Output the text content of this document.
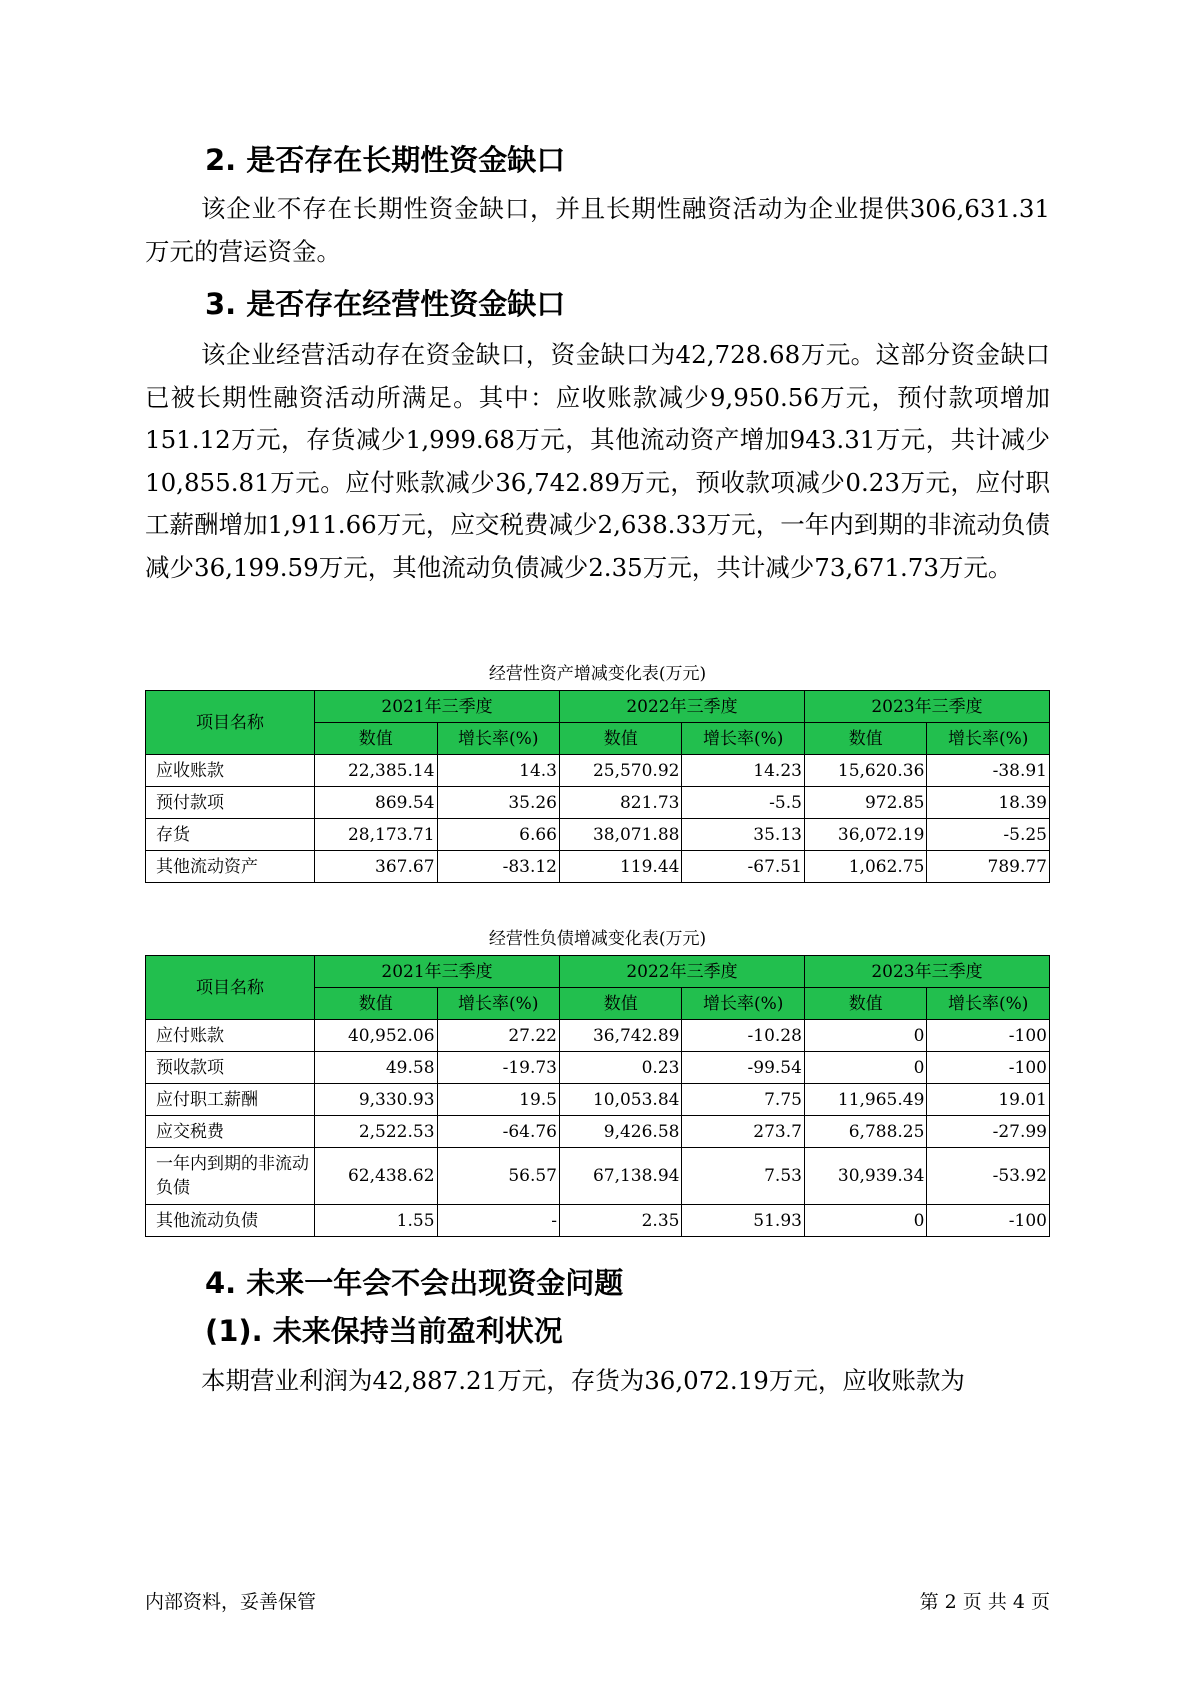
2. 是否存在长期性资金缺口

该企业不存在长期性资金缺口，并且长期性融资活动为企业提供306,631.31万元的营运资金。

3. 是否存在经营性资金缺口

该企业经营活动存在资金缺口，资金缺口为42,728.68万元。这部分资金缺口已被长期性融资活动所满足。其中：应收账款减少9,950.56万元，预付款项增加151.12万元，存货减少1,999.68万元，其他流动资产增加943.31万元，共计减少10,855.81万元。应付账款减少36,742.89万元，预收款项减少0.23万元，应付职工薪酬增加1,911.66万元，应交税费减少2,638.33万元，一年内到期的非流动负债减少36,199.59万元，其他流动负债减少2.35万元，共计减少73,671.73万元。

经营性资产增减变化表(万元)
项目名称	2021年三季度		2022年三季度		2023年三季度	
	数值	增长率(%)	数值	增长率(%)	数值	增长率(%)
应收账款	22,385.14	14.3	25,570.92	14.23	15,620.36	-38.91
预付款项	869.54	35.26	821.73	-5.5	972.85	18.39
存货	28,173.71	6.66	38,071.88	35.13	36,072.19	-5.25
其他流动资产	367.67	-83.12	119.44	-67.51	1,062.75	789.77
经营性负债增减变化表(万元)
项目名称	2021年三季度		2022年三季度		2023年三季度	
	数值	增长率(%)	数值	增长率(%)	数值	增长率(%)
应付账款	40,952.06	27.22	36,742.89	-10.28	0	-100
预收款项	49.58	-19.73	0.23	-99.54	0	-100
应付职工薪酬	9,330.93	19.5	10,053.84	7.75	11,965.49	19.01
应交税费	2,522.53	-64.76	9,426.58	273.7	6,788.25	-27.99
一年内到期的非流动负债	62,438.62	56.57	67,138.94	7.53	30,939.34	-53.92
其他流动负债	1.55	-	2.35	51.93	0	-100
4. 未来一年会不会出现资金问题
(1). 未来保持当前盈利状况

本期营业利润为42,887.21万元，存货为36,072.19万元，应收账款为

内部资料，妥善保管	第 2 页 共 4 页
